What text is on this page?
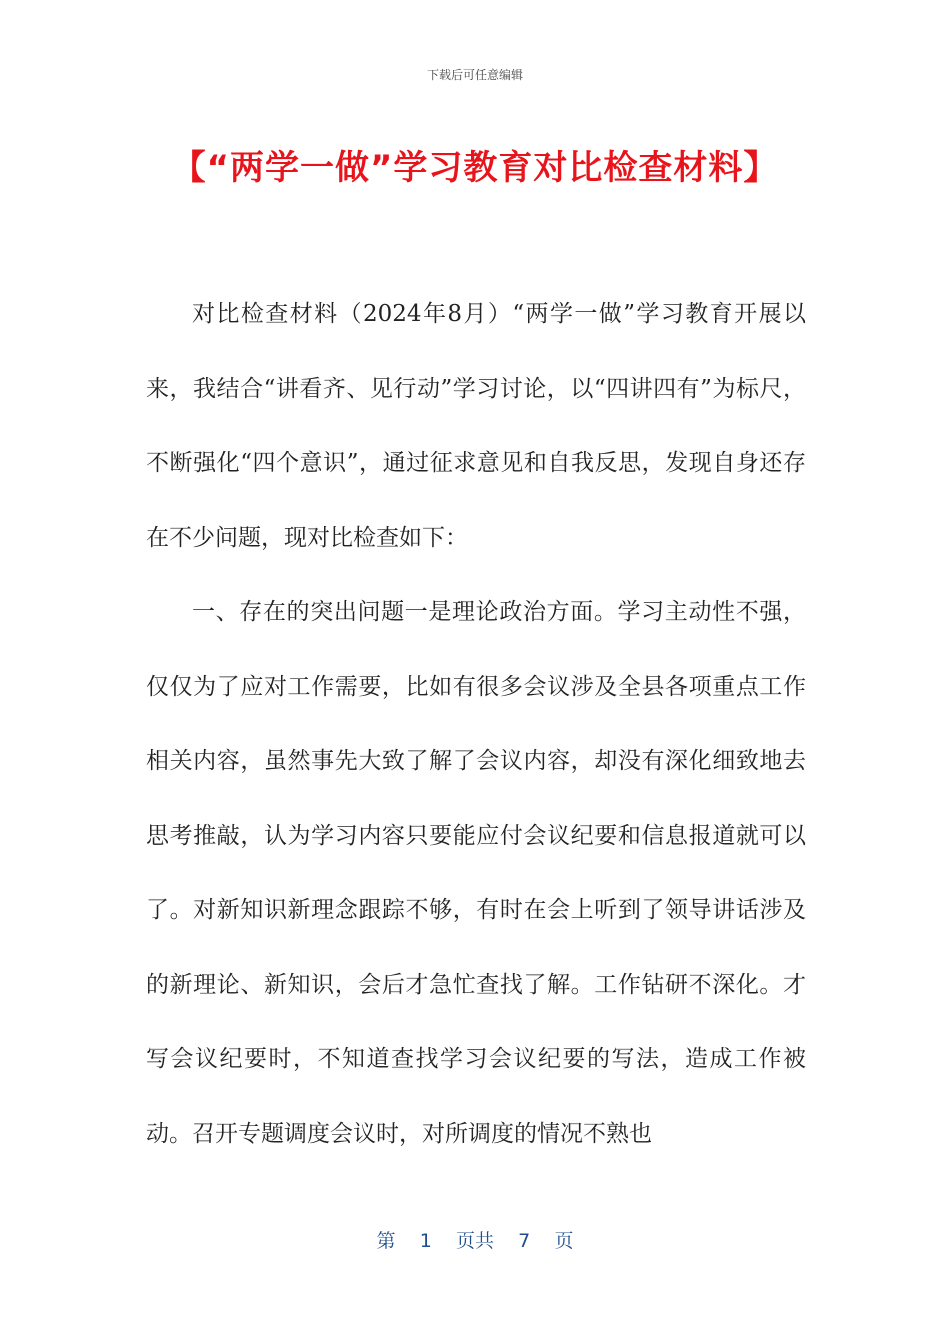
下载后可任意编辑
【“两学一做”学习教育对比检查材料】

对比检查材料（2024年8月）“两学一做”学习教育开展以来，我结合“讲看齐、见行动”学习讨论，以“四讲四有”为标尺，不断强化“四个意识”，通过征求意见和自我反思，发现自身还存在不少问题，现对比检查如下：

一、存在的突出问题一是理论政治方面。学习主动性不强，仅仅为了应对工作需要，比如有很多会议涉及全县各项重点工作相关内容，虽然事先大致了解了会议内容，却没有深化细致地去思考推敲，认为学习内容只要能应付会议纪要和信息报道就可以了。对新知识新理念跟踪不够，有时在会上听到了领导讲话涉及的新理论、新知识，会后才急忙查找了解。工作钻研不深化。才写会议纪要时，不知道查找学习会议纪要的写法，造成工作被动。召开专题调度会议时，对所调度的情况不熟也

第 1 页共 7 页
